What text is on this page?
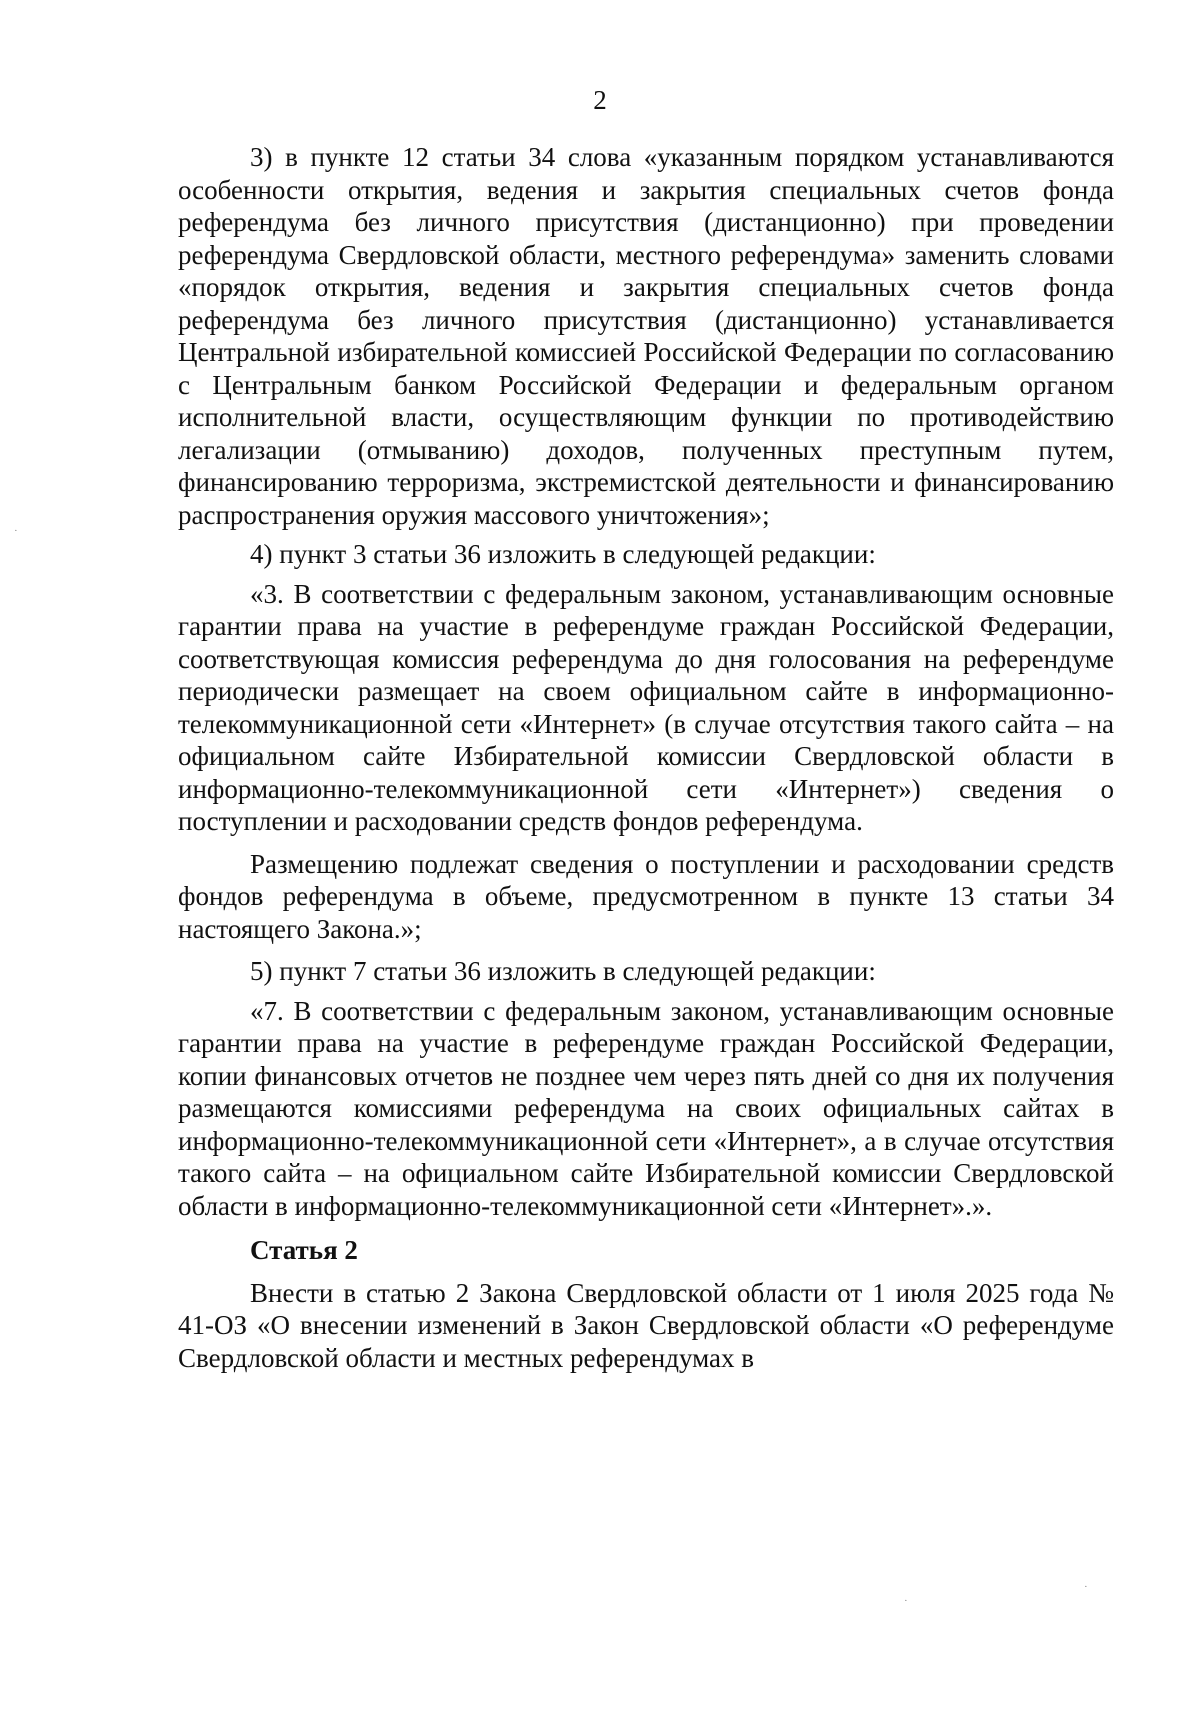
2

3) в пункте 12 статьи 34 слова «указанным порядком устанавливаются особенности открытия, ведения и закрытия специальных счетов фонда референдума без личного присутствия (дистанционно) при проведении референдума Свердловской области, местного референдума» заменить словами «порядок открытия, ведения и закрытия специальных счетов фонда референдума без личного присутствия (дистанционно) устанавливается Центральной избирательной комиссией Российской Федерации по согласованию с Центральным банком Российской Федерации и федеральным органом исполнительной власти, осуществляющим функции по противодействию легализации (отмыванию) доходов, полученных преступным путем, финансированию терроризма, экстремистской деятельности и финансированию распространения оружия массового уничтожения»;

4) пункт 3 статьи 36 изложить в следующей редакции:

«3. В соответствии с федеральным законом, устанавливающим основные гарантии права на участие в референдуме граждан Российской Федерации, соответствующая комиссия референдума до дня голосования на референдуме периодически размещает на своем официальном сайте в информационно-телекоммуникационной сети «Интернет» (в случае отсутствия такого сайта – на официальном сайте Избирательной комиссии Свердловской области в информационно-телекоммуникационной сети «Интернет») сведения о поступлении и расходовании средств фондов референдума.

Размещению подлежат сведения о поступлении и расходовании средств фондов референдума в объеме, предусмотренном в пункте 13 статьи 34 настоящего Закона.»;

5) пункт 7 статьи 36 изложить в следующей редакции:

«7. В соответствии с федеральным законом, устанавливающим основные гарантии права на участие в референдуме граждан Российской Федерации, копии финансовых отчетов не позднее чем через пять дней со дня их получения размещаются комиссиями референдума на своих официальных сайтах в информационно-телекоммуникационной сети «Интернет», а в случае отсутствия такого сайта – на официальном сайте Избирательной комиссии Свердловской области в информационно-телекоммуникационной сети «Интернет».».

Статья 2

Внести в статью 2 Закона Свердловской области от 1 июля 2025 года № 41-ОЗ «О внесении изменений в Закон Свердловской области «О референдуме Свердловской области и местных референдумах в

·
·
·
